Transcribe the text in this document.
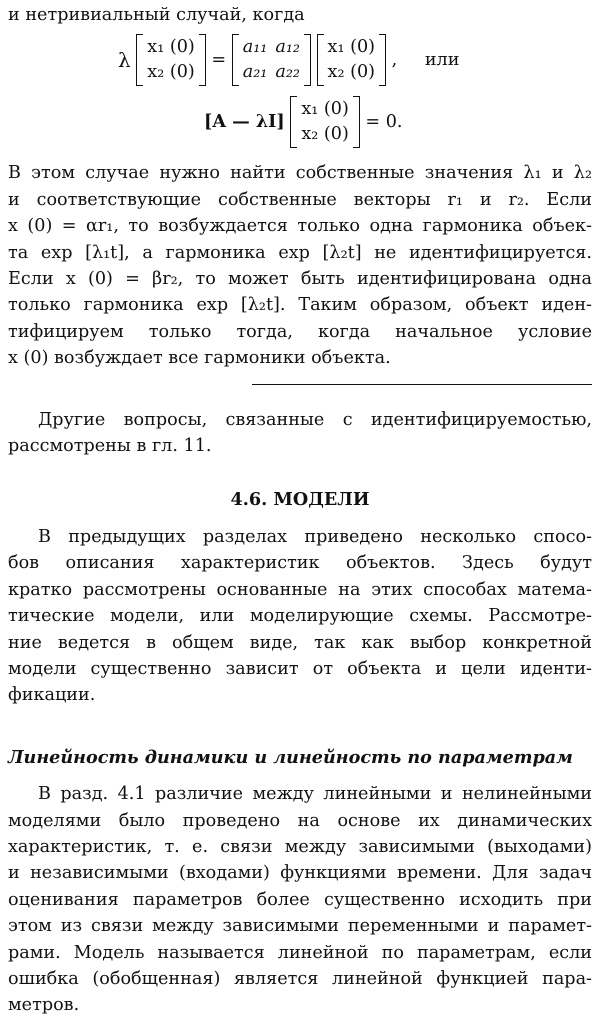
и нетривиальный случай, когда
λ
x₁ (0)
x₂ (0)
=
a₁₁
a₂₁
a₁₂
a₂₂

x₁ (0)
x₂ (0)
, или
[A — λI]
x₁ (0)
x₂ (0)
= 0.
В этом случае нужно найти собственные значения λ₁ и λ₂
и соответствующие собственные векторы r₁ и r₂. Если
x (0) = αr₁, то возбуждается только одна гармоника объек-
та exp [λ₁t], а гармоника exp [λ₂t] не идентифицируется.
Если x (0) = βr₂, то может быть идентифицирована одна
только гармоника exp [λ₂t]. Таким образом, объект иден-
тифицируем только тогда, когда начальное условие
x (0) возбуждает все гармоники объекта.
Другие вопросы, связанные с идентифицируемостью,
рассмотрены в гл. 11.
4.6. МОДЕЛИ
В предыдущих разделах приведено несколько спосо-
бов описания характеристик объектов. Здесь будут
кратко рассмотрены основанные на этих способах матема-
тические модели, или моделирующие схемы. Рассмотре-
ние ведется в общем виде, так как выбор конкретной
модели существенно зависит от объекта и цели иденти-
фикации.
Линейность динамики и линейность по параметрам
В разд. 4.1 различие между линейными и нелинейными
моделями было проведено на основе их динамических
характеристик, т. е. связи между зависимыми (выходами)
и независимыми (входами) функциями времени. Для задач
оценивания параметров более существенно исходить при
этом из связи между зависимыми переменными и парамет-
рами. Модель называется линейной по параметрам, если
ошибка (обобщенная) является линейной функцией пара-
метров.
